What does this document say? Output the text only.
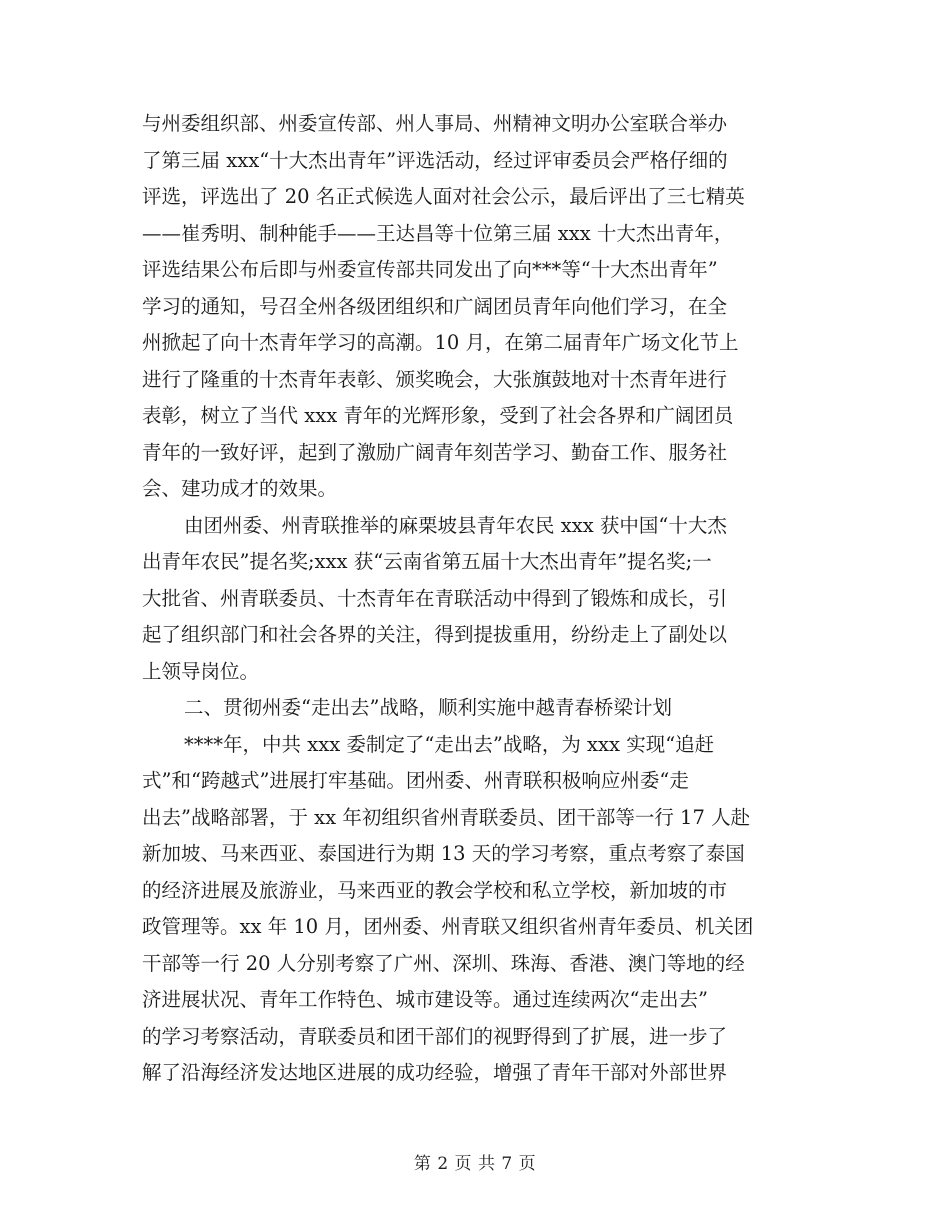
与州委组织部、州委宣传部、州人事局、州精神文明办公室联合举办
了第三届 xxx“十大杰出青年”评选活动，经过评审委员会严格仔细的
评选，评选出了 20 名正式候选人面对社会公示，最后评出了三七精英
——崔秀明、制种能手——王达昌等十位第三届 xxx 十大杰出青年，
评选结果公布后即与州委宣传部共同发出了向***等“十大杰出青年”
学习的通知，号召全州各级团组织和广阔团员青年向他们学习，在全
州掀起了向十杰青年学习的高潮。10 月，在第二届青年广场文化节上
进行了隆重的十杰青年表彰、颁奖晚会，大张旗鼓地对十杰青年进行
表彰，树立了当代 xxx 青年的光辉形象，受到了社会各界和广阔团员
青年的一致好评，起到了激励广阔青年刻苦学习、勤奋工作、服务社
会、建功成才的效果。
由团州委、州青联推举的麻栗坡县青年农民 xxx 获中国“十大杰
出青年农民”提名奖;xxx 获“云南省第五届十大杰出青年”提名奖;一
大批省、州青联委员、十杰青年在青联活动中得到了锻炼和成长，引
起了组织部门和社会各界的关注，得到提拔重用，纷纷走上了副处以
上领导岗位。
二、贯彻州委“走出去”战略，顺利实施中越青春桥梁计划
****年，中共 xxx 委制定了“走出去”战略，为 xxx 实现“追赶
式”和“跨越式”进展打牢基础。团州委、州青联积极响应州委“走
出去”战略部署，于 xx 年初组织省州青联委员、团干部等一行 17 人赴
新加坡、马来西亚、泰国进行为期 13 天的学习考察，重点考察了泰国
的经济进展及旅游业，马来西亚的教会学校和私立学校，新加坡的市
政管理等。xx 年 10 月，团州委、州青联又组织省州青年委员、机关团
干部等一行 20 人分别考察了广州、深圳、珠海、香港、澳门等地的经
济进展状况、青年工作特色、城市建设等。通过连续两次“走出去”
的学习考察活动，青联委员和团干部们的视野得到了扩展，进一步了
解了沿海经济发达地区进展的成功经验，增强了青年干部对外部世界
第 2 页 共 7 页
